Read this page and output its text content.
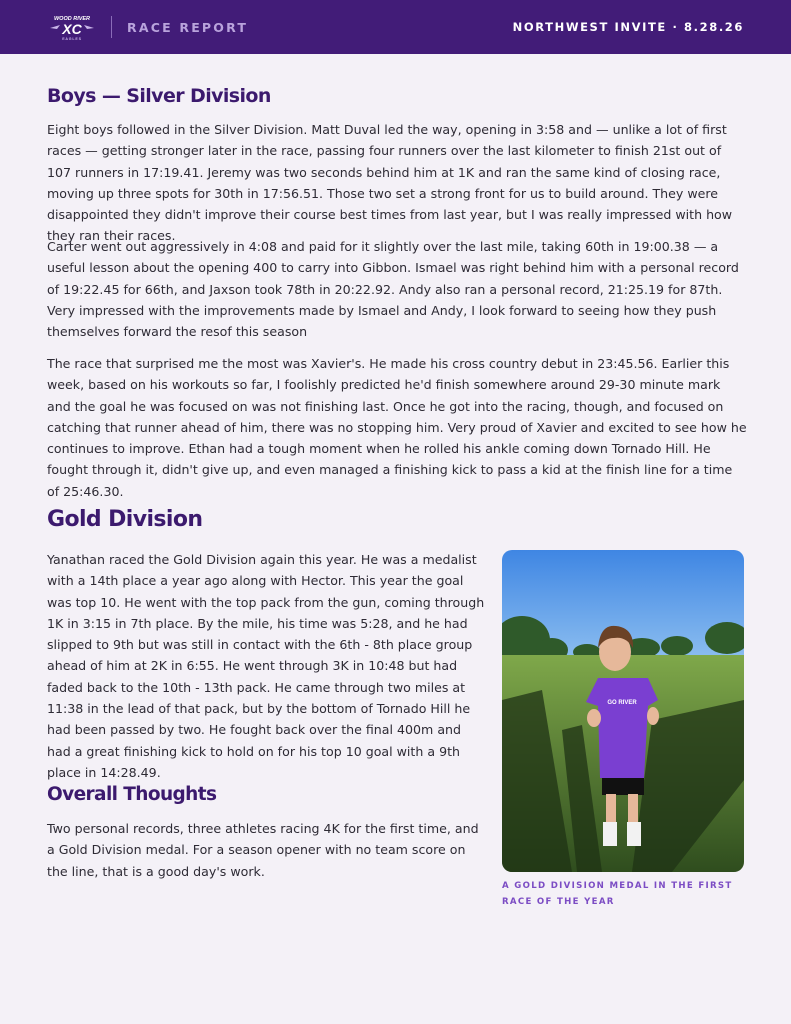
WOOD RIVER
XC
EAGLES
RACE REPORT	NORTHWEST INVITE · 8.28.26
Boys — Silver Division

Eight boys followed in the Silver Division. Matt Duval led the way, opening in 3:58 and — unlike a lot of first races — getting stronger later in the race, passing four runners over the last kilometer to finish 21st out of 107 runners in 17:19.41. Jeremy was two seconds behind him at 1K and ran the same kind of closing race, moving up three spots for 30th in 17:56.51. Those two set a strong front for us to build around. They were disappointed they didn't improve their course best times from last year, but I was really impressed with how they ran their races.

Carter went out aggressively in 4:08 and paid for it slightly over the last mile, taking 60th in 19:00.38 — a useful lesson about the opening 400 to carry into Gibbon. Ismael was right behind him with a personal record of 19:22.45 for 66th, and Jaxson took 78th in 20:22.92. Andy also ran a personal record, 21:25.19 for 87th. Very impressed with the improvements made by Ismael and Andy, I look forward to seeing how they push themselves forward the resof this season

The race that surprised me the most was Xavier's. He made his cross country debut in 23:45.56. Earlier this week, based on his workouts so far, I foolishly predicted he'd finish somewhere around 29-30 minute mark and the goal he was focused on was not finishing last. Once he got into the racing, though, and focused on catching that runner ahead of him, there was no stopping him. Very proud of Xavier and excited to see how he continues to improve. Ethan had a tough moment when he rolled his ankle coming down Tornado Hill. He fought through it, didn't give up, and even managed a finishing kick to pass a kid at the finish line for a time of 25:46.30.

Gold Division

Yanathan raced the Gold Division again this year. He was a medalist with a 14th place a year ago along with Hector. This year the goal was top 10. He went with the top pack from the gun, coming through 1K in 3:15 in 7th place. By the mile, his time was 5:28, and he had slipped to 9th but was still in contact with the 6th - 8th place group ahead of him at 2K in 6:55. He went through 3K in 10:48 but had faded back to the 10th - 13th pack. He came through two miles at 11:38 in the lead of that pack, but by the bottom of Tornado Hill he had been passed by two. He fought back over the final 400m and had a great finishing kick to hold on for his top 10 goal with a 9th place in 14:28.49.

Overall Thoughts

Two personal records, three athletes racing 4K for the first time, and a Gold Division medal. For a season opener with no team score on the line, that is a good day's work.

GO RIVER
A GOLD DIVISION MEDAL IN THE FIRST RACE OF THE YEAR
